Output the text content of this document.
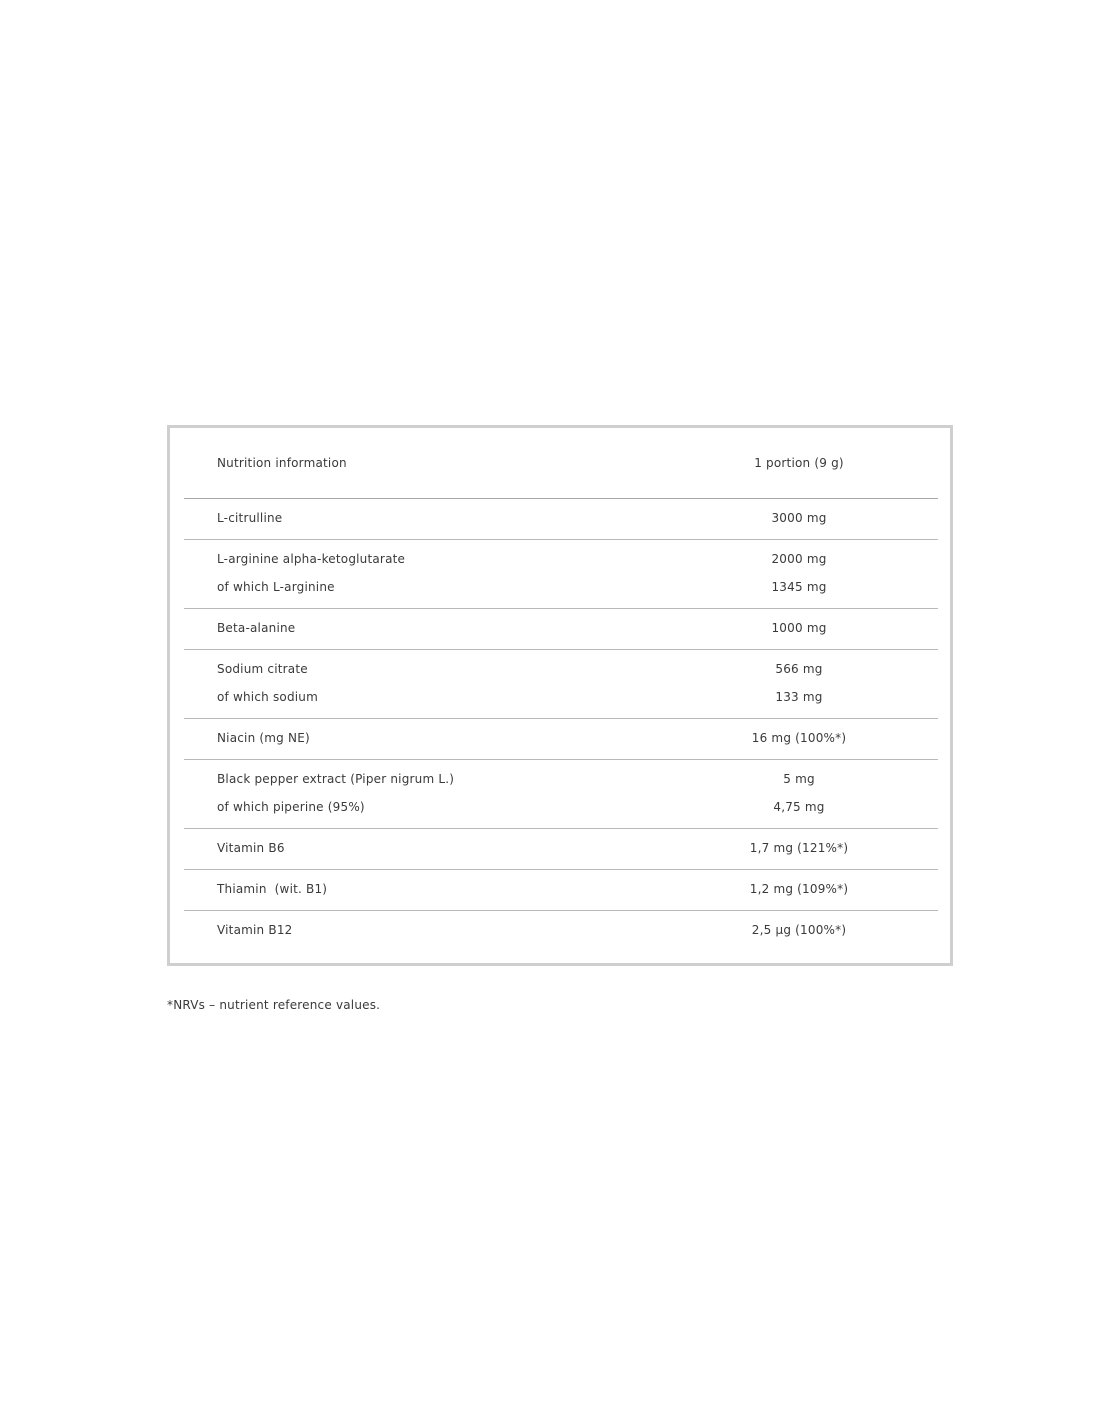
Nutrition information	1 portion (9 g)
L-citrulline	3000 mg
L-arginine alpha-ketoglutarate	2000 mg
of which L-arginine	1345 mg
Beta-alanine	1000 mg
Sodium citrate	566 mg
of which sodium	133 mg
Niacin (mg NE)	16 mg (100%*)
Black pepper extract (Piper nigrum L.)	5 mg
of which piperine (95%)	4,75 mg
Vitamin B6	1,7 mg (121%*)
Thiamin  (wit. B1)	1,2 mg (109%*)
Vitamin B12	2,5 µg (100%*)
*NRVs – nutrient reference values.
